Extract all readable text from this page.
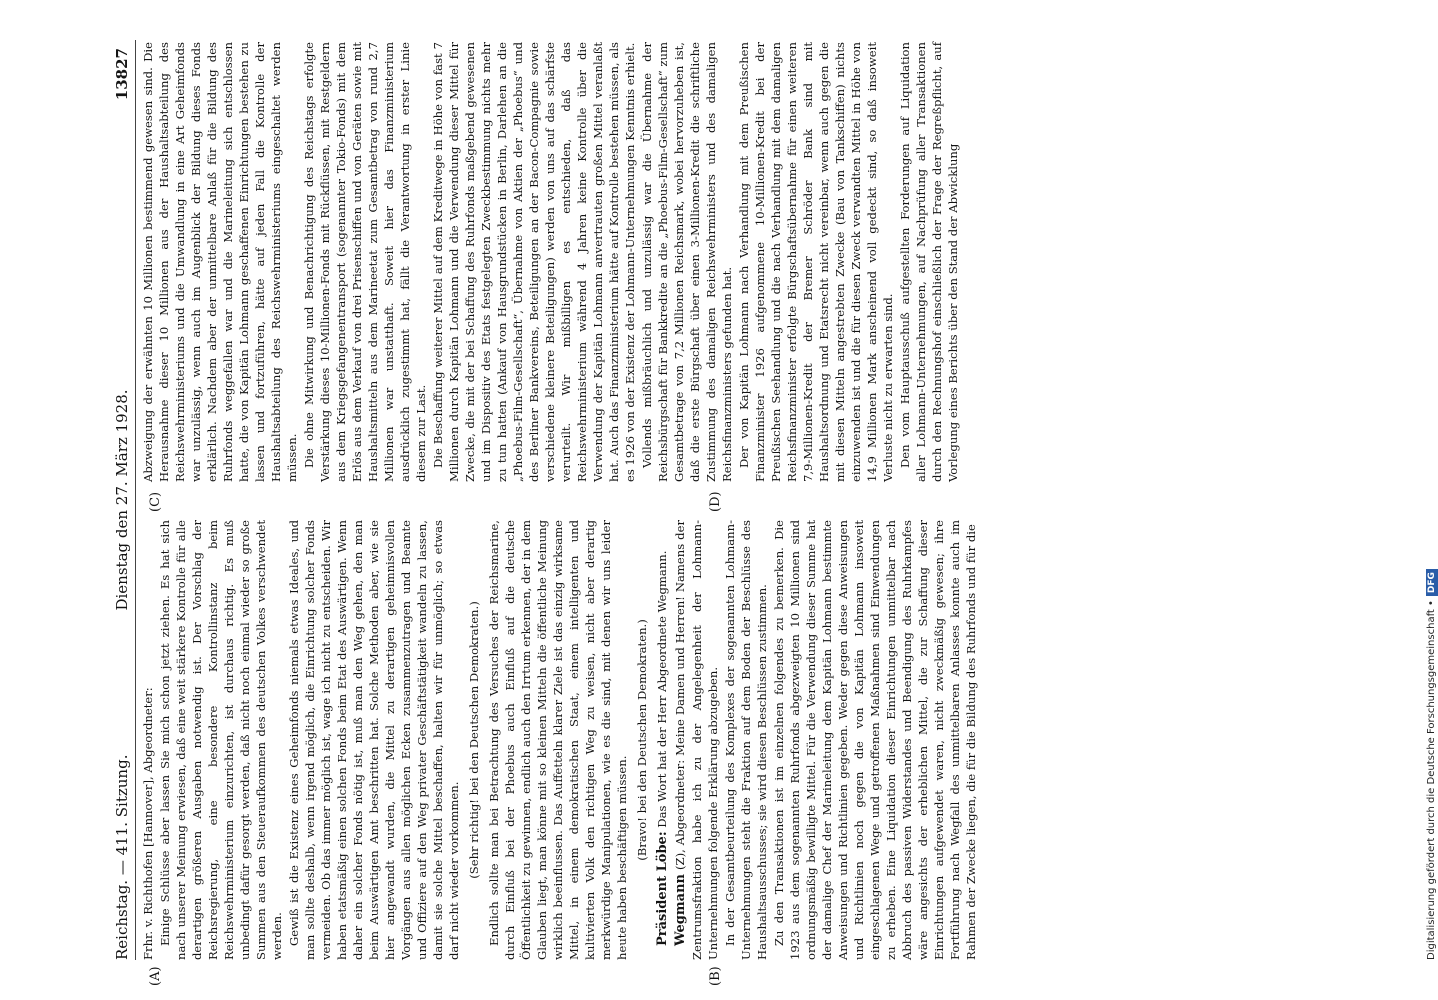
Reichstag. — 411. Sitzung.
Dienstag den 27. März 1928.
13827
(A)	(B)
(C)	(D)

Frhr. v. Richthofen [Hannover], Abgeordneter: Einige Schlüsse aber lassen Sie mich schon jetzt ziehen. Es hat sich nach unserer Meinung erwiesen, daß eine weit stärkere Kontrolle für alle derartigen größeren Ausgaben notwendig ist. Der Vorschlag der Reichsregierung, eine besondere Kontrollinstanz beim Reichswehrministerium einzurichten, ist durchaus richtig. Es muß unbedingt dafür gesorgt werden, daß nicht noch einmal wieder so große Summen aus den Steueraufkommen des deutschen Volkes verschwendet werden. Gewiß ist die Existenz eines Geheimfonds niemals etwas Ideales, und man sollte deshalb, wenn irgend möglich, die Einrichtung solcher Fonds vermeiden. Ob das immer möglich ist, wage ich nicht zu entscheiden. Wir haben etatsmäßig einen solchen Fonds beim Etat des Auswärtigen. Wenn daher ein solcher Fonds nötig ist, muß man den Weg gehen, den man beim Auswärtigen Amt beschritten hat. Solche Methoden aber, wie sie hier angewandt wurden, die Mittel zu derartigen geheimnisvollen Vorgängen aus allen möglichen Ecken zusammenzutragen und Beamte und Offiziere auf den Weg privater Geschäftstätigkeit wandeln zu lassen, damit sie solche Mittel beschaffen, halten wir für unmöglich; so etwas darf nicht wieder vorkommen. (Sehr richtig! bei den Deutschen Demokraten.) Endlich sollte man bei Betrachtung des Versuches der Reichsmarine, durch Einfluß bei der Phoebus auch Einfluß auf die deutsche Öffentlichkeit zu gewinnen, endlich auch den Irrtum erkennen, der in dem Glauben liegt, man könne mit so kleinen Mitteln die öffentliche Meinung wirklich beeinflussen. Das Auffetteln klarer Ziele ist das einzig wirksame Mittel, in einem demokratischen Staat, einem intelligenten und kultivierten Volk den richtigen Weg zu weisen, nicht aber derartig merkwürdige Manipulationen, wie es die sind, mit denen wir uns leider heute haben beschäftigen müssen. (Bravo! bei den Deutschen Demokraten.)

Präsident Löbe: Das Wort hat der Herr Abgeordnete Wegmann.

Wegmann (Z), Abgeordneter: Meine Damen und Herren! Namens der Zentrumsfraktion habe ich zu der Angelegenheit der Lohmann-Unternehmungen folgende Erklärung abzugeben. In der Gesamtbeurteilung des Komplexes der sogenannten Lohmann-Unternehmungen steht die Fraktion auf dem Boden der Beschlüsse des Haushaltsausschusses; sie wird diesen Beschlüssen zustimmen. Zu den Transaktionen ist im einzelnen folgendes zu bemerken. Die 1923 aus dem sogenannten Ruhrfonds abgezweigten 10 Millionen sind ordnungsmäßig bewilligte Mittel. Für die Verwendung dieser Summe hat der damalige Chef der Marineleitung dem Kapitän Lohmann bestimmte Anweisungen und Richtlinien gegeben. Weder gegen diese Anweisungen und Richtlinien noch gegen die von Kapitän Lohmann insoweit eingeschlagenen Wege und getroffenen Maßnahmen sind Einwendungen zu erheben. Eine Liquidation dieser Einrichtungen unmittelbar nach Abbruch des passiven Widerstandes und Beendigung des Ruhrkampfes wäre angesichts der erheblichen Mittel, die zur Schaffung dieser Einrichtungen aufgewendet waren, nicht zweckmäßig gewesen; ihre Fortführung nach Wegfall des unmittelbaren Anlasses konnte auch im Rahmen der Zwecke liegen, die für die Bildung des Ruhrfonds und für die

Abzweigung der erwähnten 10 Millionen bestimmend gewesen sind. Die Herausnahme dieser 10 Millionen aus der Haushaltsabteilung des Reichswehrministeriums und die Umwandlung in eine Art Geheimfonds war unzulässig, wenn auch im Augenblick der Bildung dieses Fonds erklärlich. Nachdem aber der unmittelbare Anlaß für die Bildung des Ruhrfonds weggefallen war und die Marineleitung sich entschlossen hatte, die von Kapitän Lohmann geschaffenen Einrichtungen bestehen zu lassen und fortzuführen, hätte auf jeden Fall die Kontrolle der Haushaltsabteilung des Reichswehrministeriums eingeschaltet werden müssen. Die ohne Mitwirkung und Benachrichtigung des Reichstags erfolgte Verstärkung dieses 10-Millionen-Fonds mit Rückflüssen, mit Restgeldern aus dem Kriegsgefangenentransport (sogenannter Tokio-Fonds) mit dem Erlös aus dem Verkauf von drei Prisenschiffen und von Geräten sowie mit Haushaltsmitteln aus dem Marineetat zum Gesamtbetrag von rund 2,7 Millionen war unstatthaft. Soweit hier das Finanzministerium ausdrücklich zugestimmt hat, fällt die Verantwortung in erster Linie diesem zur Last. Die Beschaffung weiterer Mittel auf dem Kreditwege in Höhe von fast 7 Millionen durch Kapitän Lohmann und die Verwendung dieser Mittel für Zwecke, die mit der bei Schaffung des Ruhrfonds maßgebend gewesenen und im Dispositiv des Etats festgelegten Zweckbestimmung nichts mehr zu tun hatten (Ankauf von Hausgrundstücken in Berlin, Darlehen an die „Phoebus-Film-Gesellschaft“, Übernahme von Aktien der „Phoebus“ und des Berliner Bankvereins, Beteiligungen an der Bacon-Compagnie sowie verschiedene kleinere Beteiligungen) werden von uns auf das schärfste verurteilt. Wir mißbilligen es entschieden, daß das Reichswehrministerium während 4 Jahren keine Kontrolle über die Verwendung der Kapitän Lohmann anvertrauten großen Mittel veranlaßt hat. Auch das Finanzministerium hätte auf Kontrolle bestehen müssen, als es 1926 von der Existenz der Lohmann-Unternehmungen Kenntnis erhielt. Vollends mißbräuchlich und unzulässig war die Übernahme der Reichsbürgschaft für Bankkredite an die „Phoebus-Film-Gesellschaft“ zum Gesamtbetrage von 7,2 Millionen Reichsmark, wobei hervorzuheben ist, daß die erste Bürgschaft über einen 3-Millionen-Kredit die schriftliche Zustimmung des damaligen Reichswehrministers und des damaligen Reichsfinanzministers gefunden hat. Der von Kapitän Lohmann nach Verhandlung mit dem Preußischen Finanzminister 1926 aufgenommene 10-Millionen-Kredit bei der Preußischen Seehandlung und die nach Verhandlung mit dem damaligen Reichsfinanzminister erfolgte Bürgschaftsübernahme für einen weiteren 7,9-Millionen-Kredit der Bremer Schröder Bank sind mit Haushaltsordnung und Etatsrecht nicht vereinbar, wenn auch gegen die mit diesen Mitteln angestrebten Zwecke (Bau von Tankschiffen) nichts einzuwenden ist und die für diesen Zweck verwandten Mittel in Höhe von 14,9 Millionen Mark anscheinend voll gedeckt sind, so daß insoweit Verluste nicht zu erwarten sind. Den vom Hauptausschuß aufgestellten Forderungen auf Liquidation aller Lohmann-Unternehmungen, auf Nachprüfung aller Transaktionen durch den Rechnungshof einschließlich der Frage der Regreßpflicht, auf Vorlegung eines Berichts über den Stand der Abwicklung

Digitalisierung gefördert durch die Deutsche Forschungsgemeinschaft •DFG
